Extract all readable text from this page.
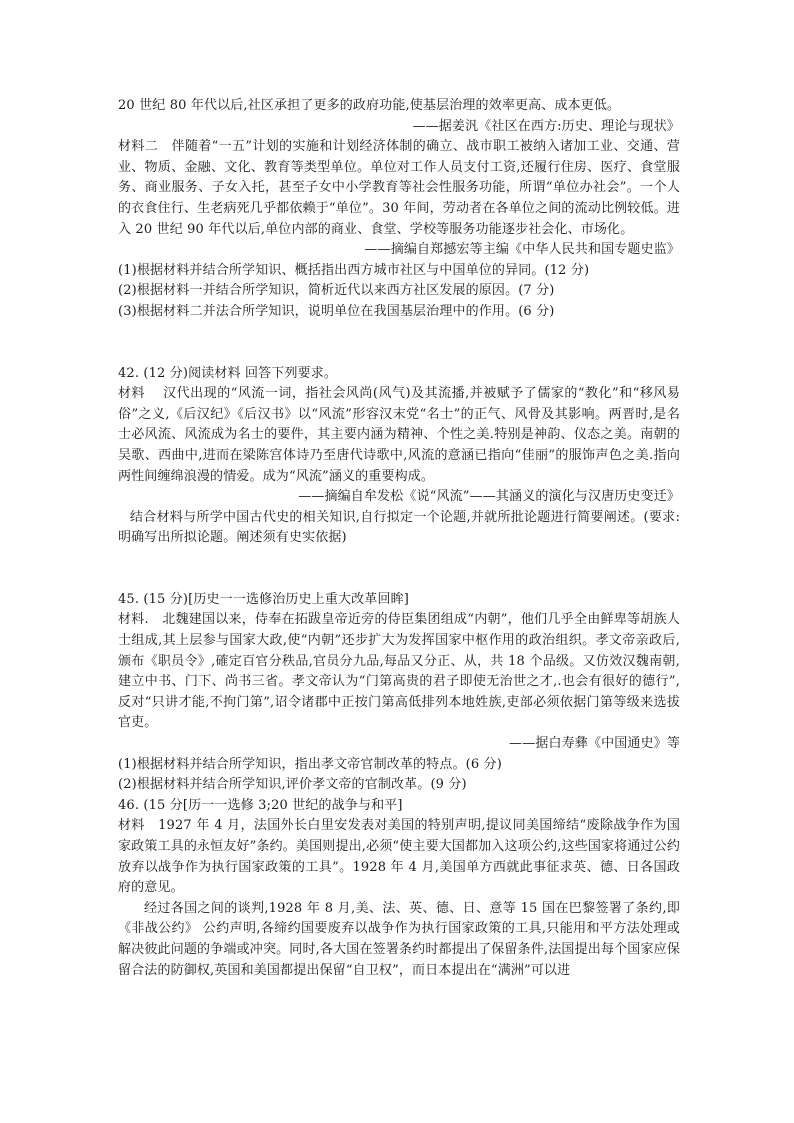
20 世纪 80 年代以后,社区承担了更多的政府功能,使基层治理的效率更高、成本更低。

——据姜汎《社区在西方:历史、理论与现状》

材料二　伴随着“一五”计划的实施和计划经济体制的确立、战市职工被纳入诸加工业、交通、营业、物质、金融、文化、教育等类型单位。单位对工作人员支付工资,还履行住房、医疗、食堂服务、商业服务、子女入托，甚至子女中小学教育等社会性服务功能，所谓“单位办社会”。一个人的衣食住行、生老病死几乎都依赖于“单位”。30 年间，劳动者在各单位之间的流动比例较低。进入 20 世纪 90 年代以后,单位内部的商业、食堂、学校等服务功能逐步社会化、市场化。

——摘编自郑撼宏等主编《中华人民共和国专题史监》

(1)根据材料并结合所学知识、概括指出西方城市社区与中国单位的异同。(12 分)

(2)根据材料一并结合所学知识，简析近代以来西方社区发展的原因。(7 分)

(3)根据材料二并法合所学知识，说明单位在我国基层治理中的作用。(6 分)

42. (12 分)阅读材料 回答下列要求。

材料　 汉代出现的“风流一词，指社会风尚(风气)及其流播,并被赋予了儒家的“教化”和“移风易俗”之义,《后汉纪》《后汉书》以“风流”形容汉末党“名士”的正气、风骨及其影响。两晋时,是名士必风流、风流成为名士的要件，其主要内涵为精神、个性之美.特别是神韵、仪态之美。南朝的吴歌、西曲中,进而在梁陈宫体诗乃至唐代诗歌中,风流的意涵已指向“佳丽”的服饰声色之美.指向两性间缠绵浪漫的情爱。成为“风流”涵义的重要构成。

——摘编自牟发松《说“风流”——其涵义的演化与汉唐历史变迁》

结合材料与所学中国古代史的相关知识,自行拟定一个论题,并就所批论题进行简要阐述。(要求:明确写出所拟论题。阐述须有史实依据)

45. (15 分)[历史一一选修治历史上重大改革回眸]

材料.　北魏建国以来，侍奉在拓跋皇帝近旁的侍臣集团组成“内朝”，他们几乎全由鲜卑等胡族人士组成,其上层参与国家大政,使“内朝”还步扩大为发挥国家中枢作用的政治组织。孝文帝亲政后,颁布《职员令》,確定百官分秩品,官员分九品,每品又分正、从，共 18 个品级。又仿效汉魏南朝,建立中书、门下、尚书三省。孝文帝认为“门第高贵的君子即使无治世之才,.也会有很好的德行”,反对“只讲才能,不拘门第”,诏令诸郡中正按门第高低排列本地姓族,吏部必须依据门第等级来选拔官吏。

——据白寿彝《中国通史》等

(1)根据材料并结合所学知识，指出孝文帝官制改革的特点。(6 分)

(2)根据材料并结合所学知识,评价孝文帝的官制改革。(9 分)

46. (15 分[历一一选修 3;20 世纪的战争与和平]

材料　1927 年 4 月，法国外长白里安发表对美国的特别声明,提议同美国缔结“废除战争作为国家政策工具的永恒友好”条约。美国则提出,必须“使主要大国都加入这项公约,这些国家将通过公约放弃以战争作为执行国家政策的工具”。1928 年 4 月,美国单方西就此事征求英、德、日各国政府的意见。

经过各国之间的谈判,1928 年 8 月,美、法、英、德、日、意等 15 国在巴黎签署了条约,即《非战公约》 公约声明,各缔约国要废弃以战争作为执行国家政策的工具,只能用和平方法处理或解决彼此问题的争端或冲突。同时,各大国在签署条约时都提出了保留条件,法国提出每个国家应保留合法的防御权,英国和美国都提出保留“自卫权”，而日本提出在“满洲”可以进
